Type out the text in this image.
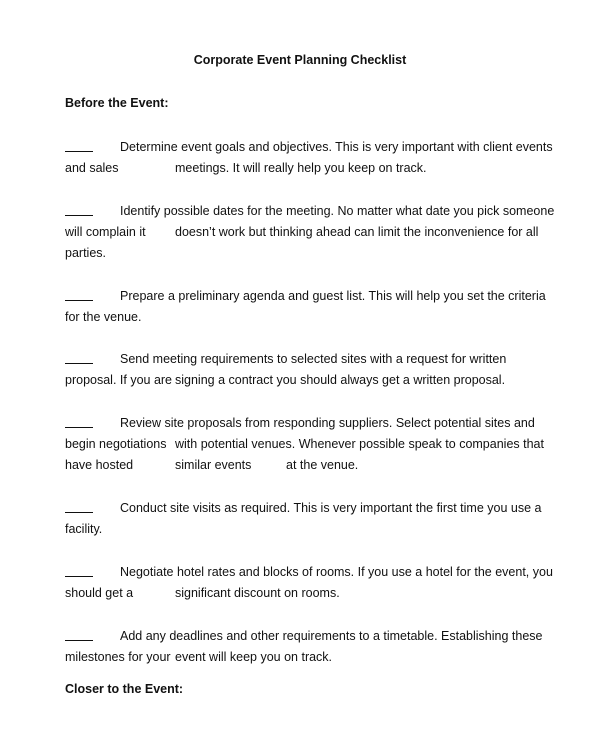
Corporate Event Planning Checklist
Before the Event:
Determine event goals and objectives. This is very important with client events
and sales	meetings. It will really help you keep on track.
Identify possible dates for the meeting. No matter what date you pick someone
will complain it doesn’t work but thinking ahead can limit the inconvenience for all
parties.
Prepare a preliminary agenda and guest list. This will help you set the criteria
for the venue.
Send meeting requirements to selected sites with a request for written
proposal. If you are signing a contract you should always get a written proposal.
Review site proposals from responding suppliers. Select potential sites and
begin negotiations with potential venues. Whenever possible speak to companies that
have hosted	similar events	at the venue.
Conduct site visits as required. This is very important the first time you use a
facility.
Negotiate hotel rates and blocks of rooms. If you use a hotel for the event, you
should get a	significant discount on rooms.
Add any deadlines and other requirements to a timetable. Establishing these
milestones for your event will keep you on track.
Closer to the Event:
